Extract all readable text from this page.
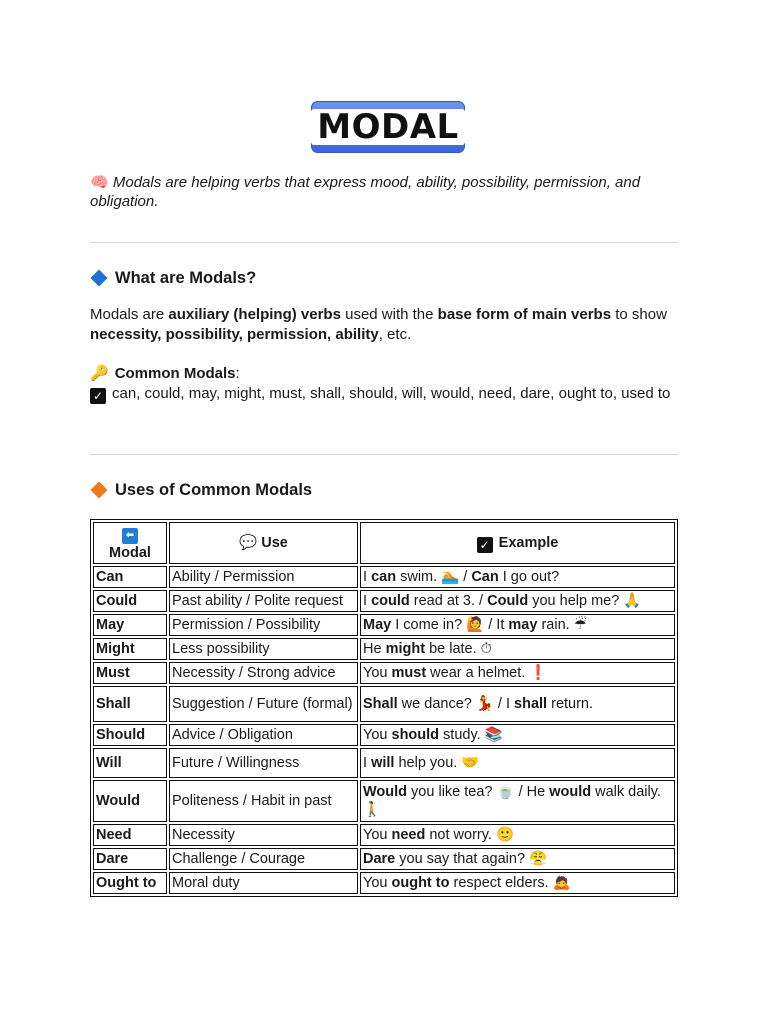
MODAL
🧠 Modals are helping verbs that express mood, ability, possibility, permission, and obligation.
What are Modals?
Modals are auxiliary (helping) verbs used with the base form of main verbs to show necessity, possibility, permission, ability, etc.
🔑 Common Modals:
✓ can, could, may, might, must, shall, should, will, would, need, dare, ought to, used to
Uses of Common Modals
⬅
Modal	💬 Use	✓ Example
Can	Ability / Permission	I can swim. 🏊 / Can I go out?
Could	Past ability / Polite request	I could read at 3. / Could you help me? 🙏
May	Permission / Possibility	May I come in? 🙋 / It may rain. ☔
Might	Less possibility	He might be late. ⏱
Must	Necessity / Strong advice	You must wear a helmet. ❗
Shall	Suggestion / Future (formal)	Shall we dance? 💃 / I shall return.
Should	Advice / Obligation	You should study. 📚
Will	Future / Willingness	I will help you. 🤝
Would	Politeness / Habit in past	Would you like tea? 🍵 / He would walk daily. 🚶
Need	Necessity	You need not worry. 🙂
Dare	Challenge / Courage	Dare you say that again? 😤
Ought to	Moral duty	You ought to respect elders. 🙇
